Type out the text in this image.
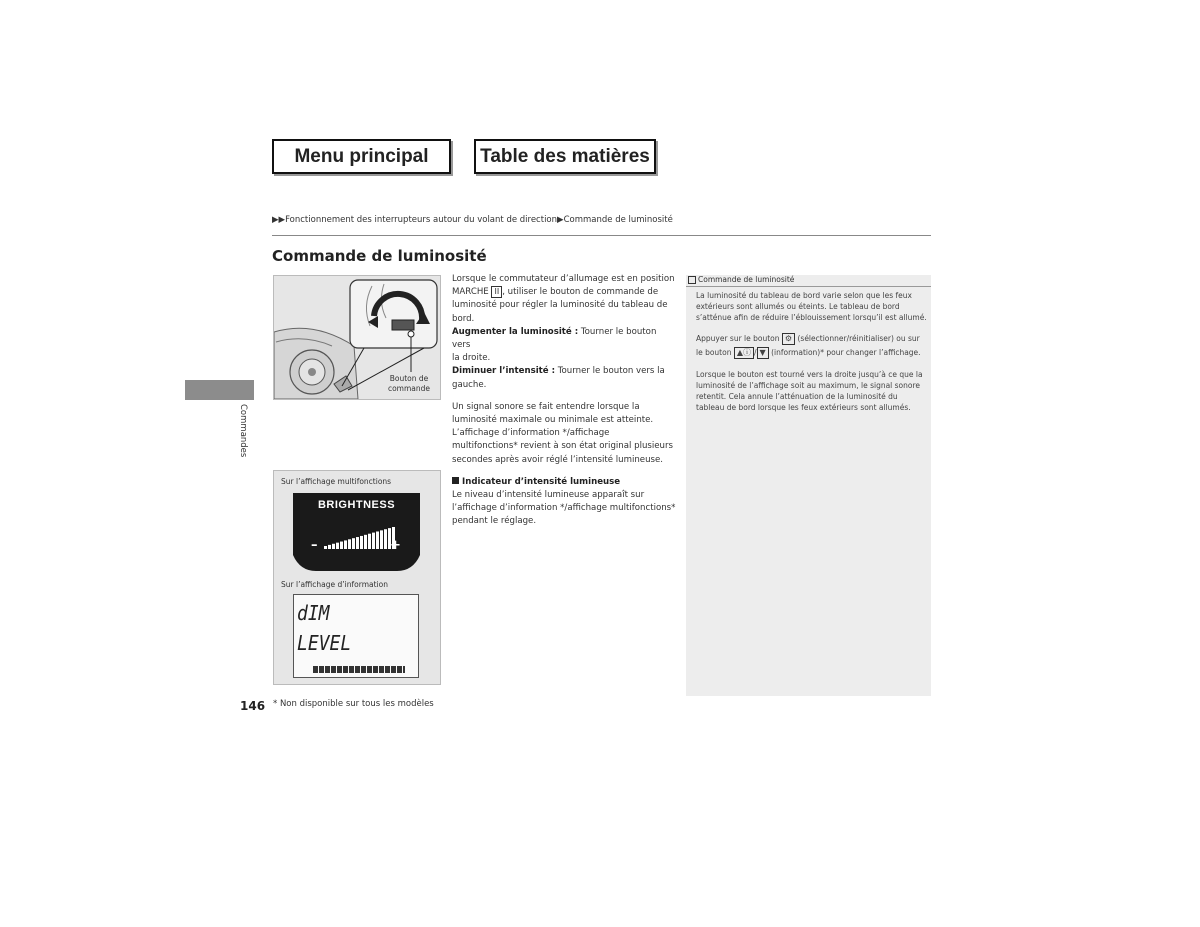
Menu principal	Table des matières
▶▶Fonctionnement des interrupteurs autour du volant de direction▶Commande de luminosité
Commande de luminosité
Commandes
Bouton de
commande
Lorsque le commutateur d’allumage est en position
MARCHE II , utiliser le bouton de commande de
luminosité pour régler la luminosité du tableau de
bord.
Augmenter la luminosité : Tourner le bouton vers
la droite.
Diminuer l’intensité : Tourner le bouton vers la
gauche.
Un signal sonore se fait entendre lorsque la
luminosité maximale ou minimale est atteinte.
L’affichage d’information */affichage
multifonctions* revient à son état original plusieurs
secondes après avoir réglé l’intensité lumineuse.
Indicateur d’intensité lumineuse
Le niveau d’intensité lumineuse apparaît sur
l’affichage d’information */affichage multifonctions*
pendant le réglage.
Sur l’affichage multifonctions
BRIGHTNESS
–	+
Sur l’affichage d’information
dIM
LEVEL
Commande de luminosité
La luminosité du tableau de bord varie selon que les feux
extérieurs sont allumés ou éteints. Le tableau de bord
s’atténue afin de réduire l’éblouissement lorsqu’il est allumé.
Appuyer sur le bouton ⚙ (sélectionner/réinitialiser) ou sur
le bouton ▲ⓘ / ▼ (information)* pour changer l’affichage.
Lorsque le bouton est tourné vers la droite jusqu’à ce que la
luminosité de l’affichage soit au maximum, le signal sonore
retentit. Cela annule l’atténuation de la luminosité du
tableau de bord lorsque les feux extérieurs sont allumés.
146 * Non disponible sur tous les modèles
